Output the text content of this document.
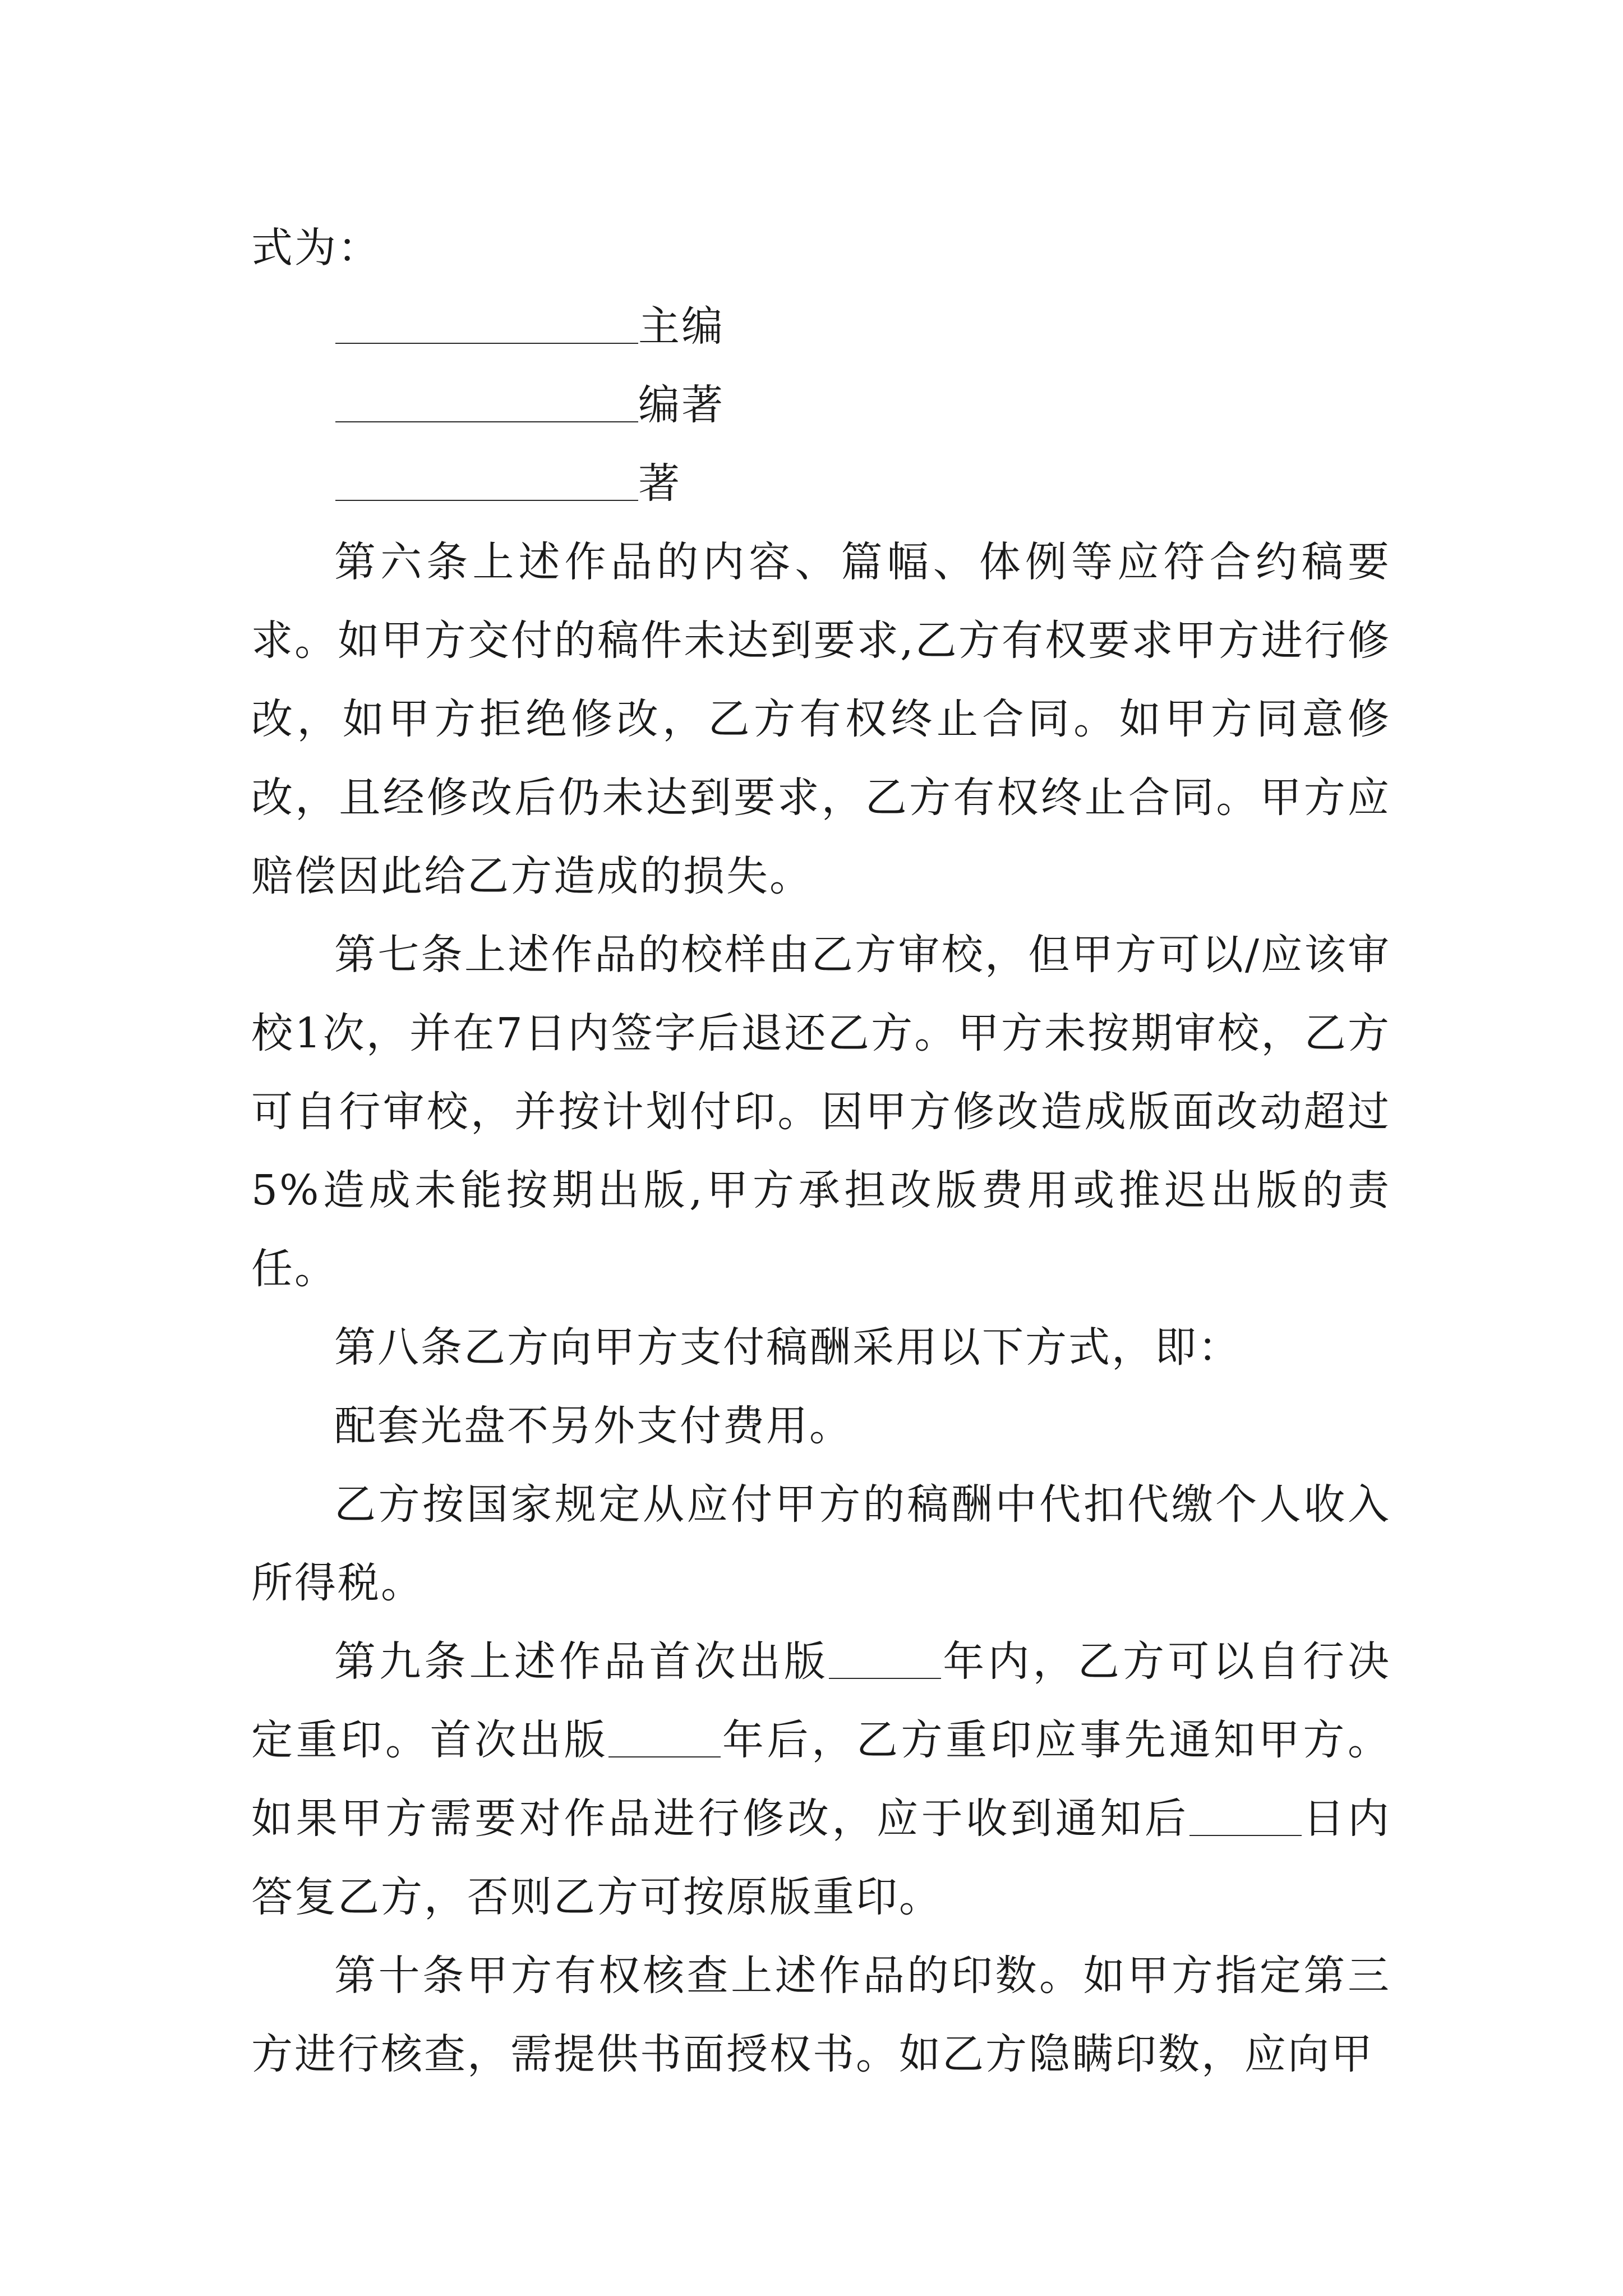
式为：

主编

编著

著

第六条上述作品的内容、篇幅、体例等应符合约稿要求。如甲方交付的稿件未达到要求,乙方有权要求甲方进行修改，如甲方拒绝修改，乙方有权终止合同。如甲方同意修改，且经修改后仍未达到要求，乙方有权终止合同。甲方应赔偿因此给乙方造成的损失。

第七条上述作品的校样由乙方审校，但甲方可以/应该审校1次，并在7日内签字后退还乙方。甲方未按期审校，乙方可自行审校，并按计划付印。因甲方修改造成版面改动超过5%造成未能按期出版,甲方承担改版费用或推迟出版的责任。

第八条乙方向甲方支付稿酬采用以下方式，即：

配套光盘不另外支付费用。

乙方按国家规定从应付甲方的稿酬中代扣代缴个人收入所得税。

第九条上述作品首次出版	年内，乙方可以自行决定重印。首次出版	年后，乙方重印应事先通知甲方。如果甲方需要对作品进行修改，应于收到通知后	日内答复乙方，否则乙方可按原版重印。

第十条甲方有权核查上述作品的印数。如甲方指定第三方进行核查，需提供书面授权书。如乙方隐瞒印数，应向甲
